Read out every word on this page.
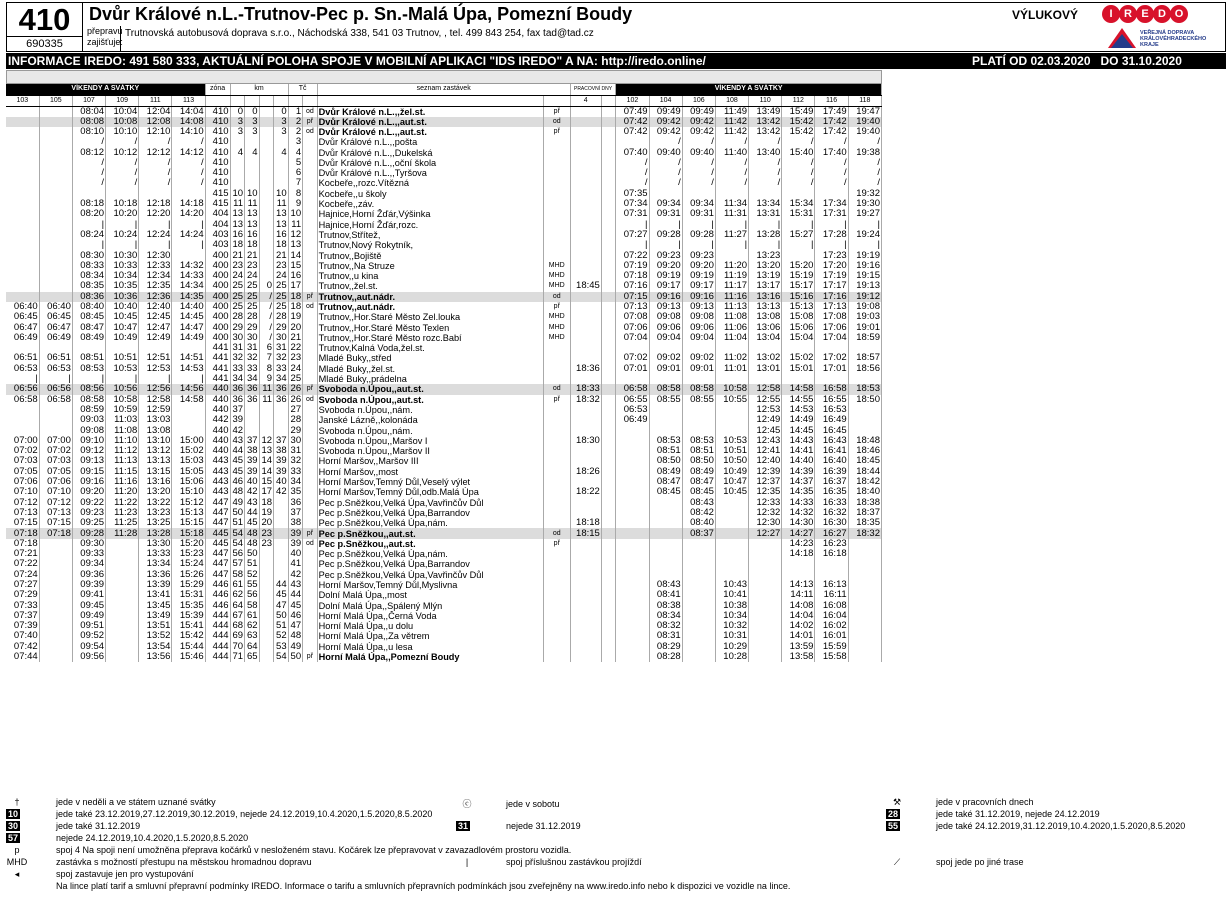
410
690335
Dvůr Králové n.L.-Trutnov-Pec p. Sn.-Malá Úpa, Pomezní Boudy
přepravu zajišťuje:
Trutnovská autobusová doprava s.r.o., Náchodská 338, 541 03 Trutnov, , tel. 499 843 254, fax tad@tad.cz
VÝLUKOVÝ	I R E D O
VEŘEJNÁ DOPRAVA KRÁLOVÉHRADECKÉHO KRAJE
INFORMACE IREDO: 491 580 333, AKTUÁLNÍ POLOHA SPOJE V MOBILNÍ APLIKACI "IDS IREDO" A NA: http://iredo.online/	PLATÍ OD 02.03.2020 DO 31.10.2020
VÍKENDY A SVÁTKY						zóna	km				Tč		seznam zastávek		PRACOVNÍ DNY		VÍKENDY A SVÁTKY							
103	105	107	109	111	113										4		102	104	106	108	110	112	116	118
		08:04	10:04	12:04	14:04	410	0	0		0	1	od	Dvůr Králové n.L.,,žel.st.	př			07:49	09:49	09:49	11:49	13:49	15:49	17:49	19:47
		08:08	10:08	12:08	14:08	410	3	3		3	2	př	Dvůr Králové n.L.,,aut.st.	od			07:42	09:42	09:42	11:42	13:42	15:42	17:42	19:40
		08:10	10:10	12:10	14:10	410	3	3		3	2	od	Dvůr Králové n.L.,,aut.st.	př			07:42	09:42	09:42	11:42	13:42	15:42	17:42	19:40
		/	/	/	/	410					3		Dvůr Králové n.L.,,pošta					/	/	/	/	/	/	/
		08:12	10:12	12:12	14:12	410	4	4		4	4		Dvůr Králové n.L.,,Dukelská				07:40	09:40	09:40	11:40	13:40	15:40	17:40	19:38
		/	/	/	/	410					5		Dvůr Králové n.L.,,oční škola				/	/	/	/	/	/	/	/
		/	/	/	/	410					6		Dvůr Králové n.L.,,Tyršova				/	/	/	/	/	/	/	/
		/	/	/	/	410					7		Kocbeře,,rozc.Vítězná				/	/	/	/	/	/	/	/
						415	10	10		10	8		Kocbeře,,u školy				07:35							19:32
		08:18	10:18	12:18	14:18	415	11	11		11	9		Kocbeře,,záv.				07:34	09:34	09:34	11:34	13:34	15:34	17:34	19:30
		08:20	10:20	12:20	14:20	404	13	13		13	10		Hajnice,Horní Žďár,Výšinka				07:31	09:31	09:31	11:31	13:31	15:31	17:31	19:27
		|	|	|	|	404	13	13		13	11		Hajnice,Horní Žďár,rozc.				|	|	|	|	|	|	|	|
		08:24	10:24	12:24	14:24	403	16	16		16	12		Trutnov,Střítež,				07:27	09:28	09:28	11:27	13:28	15:27	17:28	19:24
		|	|	|	|	403	18	18		18	13		Trutnov,Nový Rokytník,				|	|	|	|	|	|	|	|
		08:30	10:30	12:30		400	21	21		21	14		Trutnov,,Bojiště				07:22	09:23	09:23		13:23		17:23	19:19
		08:33	10:33	12:33	14:32	400	23	23		23	15		Trutnov,,Na Struze	MHD			07:19	09:20	09:20	11:20	13:20	15:20	17:20	19:16
		08:34	10:34	12:34	14:33	400	24	24		24	16		Trutnov,,u kina	MHD			07:18	09:19	09:19	11:19	13:19	15:19	17:19	19:15
		08:35	10:35	12:35	14:34	400	25	25	0	25	17		Trutnov,,žel.st.	MHD	18:45		07:16	09:17	09:17	11:17	13:17	15:17	17:17	19:13
		08:36	10:36	12:36	14:35	400	25	25	/	25	18	př	Trutnov,,aut.nádr.	od			07:15	09:16	09:16	11:16	13:16	15:16	17:16	19:12
06:40	06:40	08:40	10:40	12:40	14:40	400	25	25	/	25	18	od	Trutnov,,aut.nádr.	př			07:13	09:13	09:13	11:13	13:13	15:13	17:13	19:08
06:45	06:45	08:45	10:45	12:45	14:45	400	28	28	/	28	19		Trutnov,,Hor.Staré Město Zel.louka	MHD			07:08	09:08	09:08	11:08	13:08	15:08	17:08	19:03
06:47	06:47	08:47	10:47	12:47	14:47	400	29	29	/	29	20		Trutnov,,Hor.Staré Město Texlen	MHD			07:06	09:06	09:06	11:06	13:06	15:06	17:06	19:01
06:49	06:49	08:49	10:49	12:49	14:49	400	30	30	/	30	21		Trutnov,,Hor.Staré Město rozc.Babí	MHD			07:04	09:04	09:04	11:04	13:04	15:04	17:04	18:59
						441	31	31	6	31	22		Trutnov,Kalná Voda,žel.st.											
06:51	06:51	08:51	10:51	12:51	14:51	441	32	32	7	32	23		Mladé Buky,,střed				07:02	09:02	09:02	11:02	13:02	15:02	17:02	18:57
06:53	06:53	08:53	10:53	12:53	14:53	441	33	33	8	33	24		Mladé Buky,,žel.st.		18:36		07:01	09:01	09:01	11:01	13:01	15:01	17:01	18:56
|	|	|	|	|	|	441	34	34	9	34	25		Mladé Buky,,prádelna											
06:56	06:56	08:56	10:56	12:56	14:56	440	36	36	11	36	26	př	Svoboda n.Úpou,,aut.st.	od	18:33		06:58	08:58	08:58	10:58	12:58	14:58	16:58	18:53
06:58	06:58	08:58	10:58	12:58	14:58	440	36	36	11	36	26	od	Svoboda n.Úpou,,aut.st.	př	18:32		06:55	08:55	08:55	10:55	12:55	14:55	16:55	18:50
		08:59	10:59	12:59		440	37				27		Svoboda n.Úpou,,nám.				06:53				12:53	14:53	16:53	
		09:03	11:03	13:03		442	39				28		Janské Lázně,,kolonáda				06:49				12:49	14:49	16:49	
		09:08	11:08	13:08		440	42				29		Svoboda n.Úpou,,nám.								12:45	14:45	16:45	
07:00	07:00	09:10	11:10	13:10	15:00	440	43	37	12	37	30		Svoboda n.Úpou,,Maršov I		18:30			08:53	08:53	10:53	12:43	14:43	16:43	18:48
07:02	07:02	09:12	11:12	13:12	15:02	440	44	38	13	38	31		Svoboda n.Úpou,,Maršov II					08:51	08:51	10:51	12:41	14:41	16:41	18:46
07:03	07:03	09:13	11:13	13:13	15:03	443	45	39	14	39	32		Horní Maršov,,Maršov III					08:50	08:50	10:50	12:40	14:40	16:40	18:45
07:05	07:05	09:15	11:15	13:15	15:05	443	45	39	14	39	33		Horní Maršov,,most		18:26			08:49	08:49	10:49	12:39	14:39	16:39	18:44
07:06	07:06	09:16	11:16	13:16	15:06	443	46	40	15	40	34		Horní Maršov,Temný Důl,Veselý výlet					08:47	08:47	10:47	12:37	14:37	16:37	18:42
07:10	07:10	09:20	11:20	13:20	15:10	443	48	42	17	42	35		Horní Maršov,Temný Důl,odb.Malá Úpa		18:22			08:45	08:45	10:45	12:35	14:35	16:35	18:40
07:12	07:12	09:22	11:22	13:22	15:12	447	49	43	18		36		Pec p.Sněžkou,Velká Úpa,Vavřinčův Důl						08:43		12:33	14:33	16:33	18:38
07:13	07:13	09:23	11:23	13:23	15:13	447	50	44	19		37		Pec p.Sněžkou,Velká Úpa,Barrandov						08:42		12:32	14:32	16:32	18:37
07:15	07:15	09:25	11:25	13:25	15:15	447	51	45	20		38		Pec p.Sněžkou,Velká Úpa,nám.		18:18				08:40		12:30	14:30	16:30	18:35
07:18	07:18	09:28	11:28	13:28	15:18	445	54	48	23		39	př	Pec p.Sněžkou,,aut.st.	od	18:15				08:37		12:27	14:27	16:27	18:32
07:18		09:30		13:30	15:20	445	54	48	23		39	od	Pec p.Sněžkou,,aut.st.	př								14:23	16:23	
07:21		09:33		13:33	15:23	447	56	50			40		Pec p.Sněžkou,Velká Úpa,nám.									14:18	16:18	
07:22		09:34		13:34	15:24	447	57	51			41		Pec p.Sněžkou,Velká Úpa,Barrandov											
07:24		09:36		13:36	15:26	447	58	52			42		Pec p.Sněžkou,Velká Úpa,Vavřinčův Důl											
07:27		09:39		13:39	15:29	446	61	55		44	43		Horní Maršov,Temný Důl,Myslivna					08:43		10:43		14:13	16:13	
07:29		09:41		13:41	15:31	446	62	56		45	44		Dolní Malá Úpa,,most					08:41		10:41		14:11	16:11	
07:33		09:45		13:45	15:35	446	64	58		47	45		Dolní Malá Úpa,,Spálený Mlýn					08:38		10:38		14:08	16:08	
07:37		09:49		13:49	15:39	444	67	61		50	46		Horní Malá Úpa,,Černá Voda					08:34		10:34		14:04	16:04	
07:39		09:51		13:51	15:41	444	68	62		51	47		Horní Malá Úpa,,u dolu					08:32		10:32		14:02	16:02	
07:40		09:52		13:52	15:42	444	69	63		52	48		Horní Malá Úpa,,Za větrem					08:31		10:31		14:01	16:01	
07:42		09:54		13:54	15:44	444	70	64		53	49		Horní Malá Úpa,,u lesa					08:29		10:29		13:59	15:59	
07:44		09:56		13:56	15:46	444	71	65		54	50	př	Horní Malá Úpa,,Pomezní Boudy					08:28		10:28		13:58	15:58	
†	jede v neděli a ve státem uznané svátky
10	jede také 23.12.2019,27.12.2019,30.12.2019, nejede 24.12.2019,10.4.2020,1.5.2020,8.5.2020
30	jede také 31.12.2019
57	nejede 24.12.2019,10.4.2020,1.5.2020,8.5.2020
p	spoj 4 Na spoji není umožněna přeprava kočárků v nesloženém stavu. Kočárek lze přepravovat v zavazadlovém prostoru vozidla.
MHD	zastávka s možností přestupu na městskou hromadnou dopravu
◂	spoj zastavuje jen pro vystupování
Na lince platí tarif a smluvní přepravní podmínky IREDO. Informace o tarifu a smluvních přepravních podmínkách jsou zveřejněny na www.iredo.info nebo k dispozici ve vozidle na lince.
ⓒ	jede v sobotu
31	nejede 31.12.2019
|	spoj příslušnou zastávkou projíždí
⚒	jede v pracovních dnech
28	jede také 31.12.2019, nejede 24.12.2019
55	jede také 24.12.2019,31.12.2019,10.4.2020,1.5.2020,8.5.2020
⟋	spoj jede po jiné trase
